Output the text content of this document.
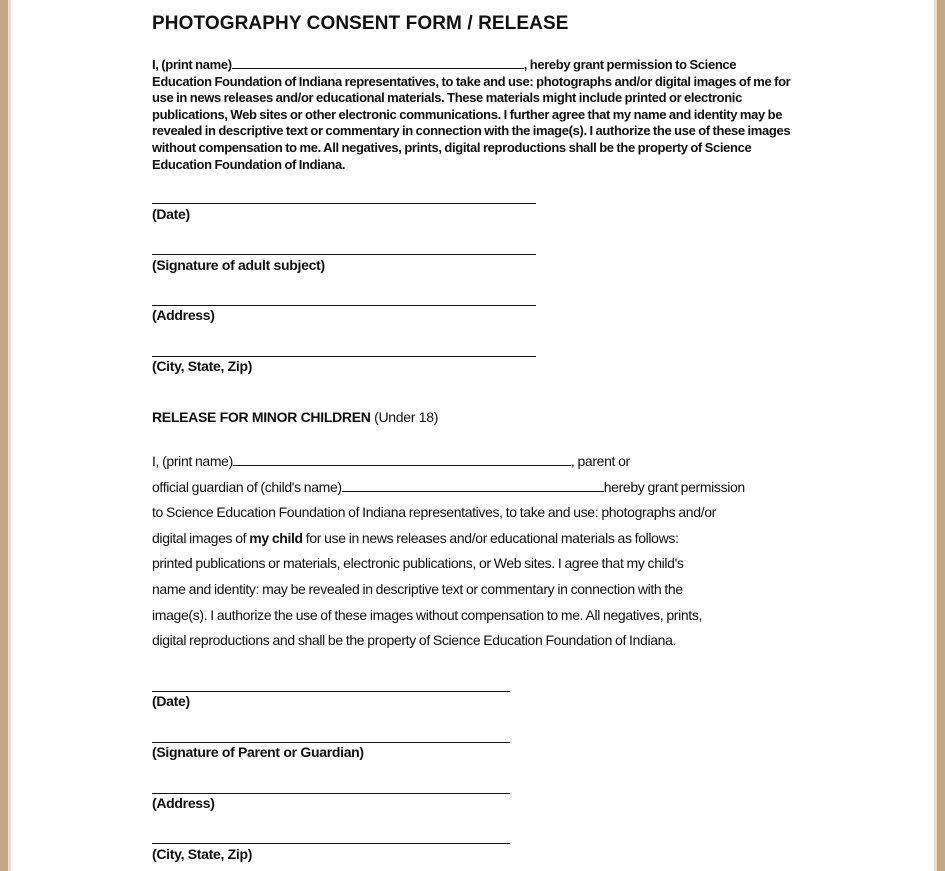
PHOTOGRAPHY CONSENT FORM / RELEASE

I, (print name)	, hereby grant permission to Science Education Foundation of Indiana representatives, to take and use: photographs and/or digital images of me for use in news releases and/or educational materials. These materials might include printed or electronic publications, Web sites or other electronic communications. I further agree that my name and identity may be revealed in descriptive text or commentary in connection with the image(s). I authorize the use of these images without compensation to me. All negatives, prints, digital reproductions shall be the property of Science Education Foundation of Indiana.

(Date)
(Signature of adult subject)
(Address)
(City, State, Zip)

RELEASE FOR MINOR CHILDREN (Under 18)

I, (print name)	, parent or
official guardian of (child's name)	hereby grant permission
to Science Education Foundation of Indiana representatives, to take and use: photographs and/or
digital images of my child for use in news releases and/or educational materials as follows:
printed publications or materials, electronic publications, or Web sites. I agree that my child's
name and identity: may be revealed in descriptive text or commentary in connection with the
image(s). I authorize the use of these images without compensation to me. All negatives, prints,
digital reproductions and shall be the property of Science Education Foundation of Indiana.

(Date)
(Signature of Parent or Guardian)
(Address)
(City, State, Zip)
